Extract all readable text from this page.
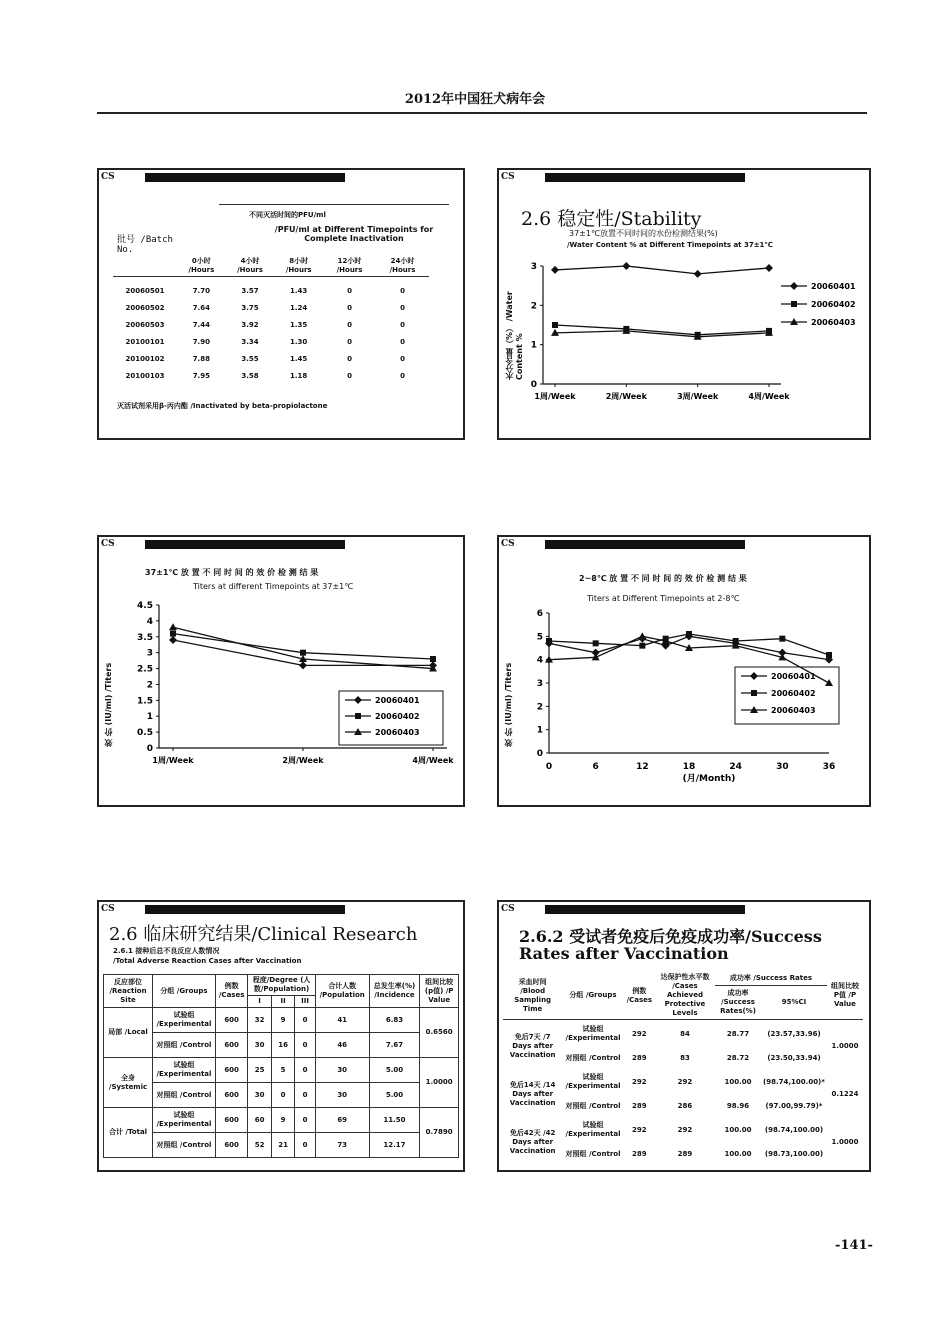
2012年中国狂犬病年会
CS
不同灭活时间的PFU/ml
/PFU/ml at Different Timepoints for Complete Inactivation
批号 /Batch No.
	0小时 /Hours	4小时 /Hours	8小时 /Hours	12小时 /Hours	24小时 /Hours

20060501	7.70	3.57	1.43	0	0
20060502	7.64	3.75	1.24	0	0
20060503	7.44	3.92	1.35	0	0
20100101	7.90	3.34	1.30	0	0
20100102	7.88	3.55	1.45	0	0
20100103	7.95	3.58	1.18	0	0
灭活试剂采用β-丙内酯 /Inactivated by beta-propiolactone
CS
2.6 稳定性/Stability
37±1℃放置不同时间的水份检测结果(%)
/Water Content % at Different Timepoints at 37±1℃
水分含量（%） /Water Content %
0
1
2
3
1周/Week	2周/Week	3周/Week	4周/Week
20060401
20060402
20060403
CS
37±1℃ 放 置 不 同 时 间 的 效 价 检 测 结 果
Titers at different Timepoints at 37±1℃
效 价 (IU/ml) /Titers
0
0.5
1
1.5
2
2.5
3
3.5
4
4.5
1周/Week	2周/Week	4周/Week
20060401
20060402
20060403
CS
2~8℃ 放 置 不 同 时 间 的 效 价 检 测 结 果
Titers at Different Timepoints at 2-8℃
效 价 (IU/ml) /Titers
0
1
2
3
4
5
6
0	6	12	18	24	30	36
(月/Month)
20060401
20060402
20060403
CS
2.6 临床研究结果/Clinical Research
2.6.1 接种后总不良反应人数情况
/Total Adverse Reaction Cases after Vaccination
反应部位 /Reaction Site	分组 /Groups	例数 /Cases	程度/Degree (人数/Population)			合计人数 /Population	总发生率(%) /Incidence	组间比较(p值) /P Value
			I	II	III			
局部 /Local	试验组 /Experimental	600	32	9	0	41	6.83	0.6560
	对照组 /Control	600	30	16	0	46	7.67	
全身 /Systemic	试验组 /Experimental	600	25	5	0	30	5.00	1.0000
	对照组 /Control	600	30	0	0	30	5.00	
合计 /Total	试验组 /Experimental	600	60	9	0	69	11.50	0.7890
	对照组 /Control	600	52	21	0	73	12.17	
CS
2.6.2 受试者免疫后免疫成功率/Success
Rates after Vaccination
采血时间 /Blood Sampling Time	分组 /Groups	例数 /Cases	达保护性水平数 /Cases Achieved Protective Levels	成功率 /Success Rates		组间比较P值 /P Value
				成功率 /Success Rates(%)	95%CI	

免后7天 /7 Days after Vaccination	试验组 /Experimental	292	84	28.77	(23.57,33.96)	1.0000
	对照组 /Control	289	83	28.72	(23.50,33.94)	
免后14天 /14 Days after Vaccination	试验组 /Experimental	292	292	100.00	(98.74,100.00)*	0.1224
	对照组 /Control	289	286	98.96	(97.00,99.79)*	
免后42天 /42 Days after Vaccination	试验组 /Experimental	292	292	100.00	(98.74,100.00)	1.0000
	对照组 /Control	289	289	100.00	(98.73,100.00)	
-141-
